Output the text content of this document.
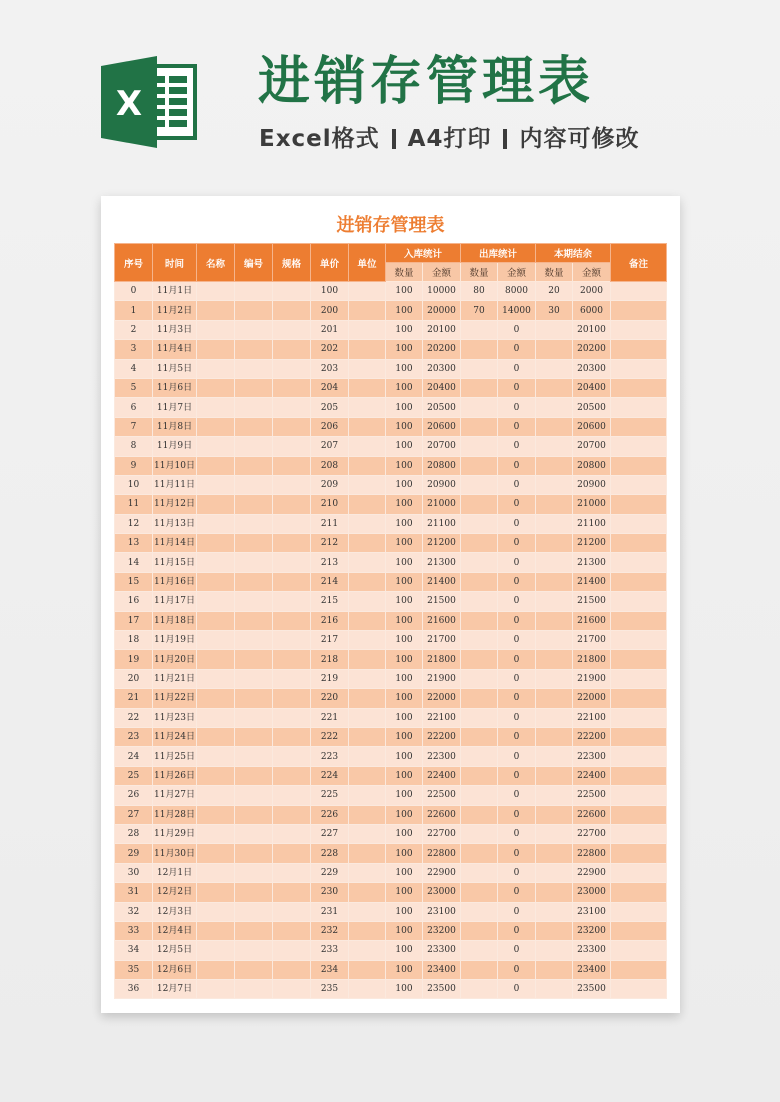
X 进销存管理表
Excel格式 A4打印 内容可修改
进销存管理表
序号	时间	名称	编号	规格	单价	单位	入库统计		出库统计		本期结余		备注
							数量	金额	数量	金额	数量	金额	
0	11月1日				100		100	10000	80	8000	20	2000	
1	11月2日				200		100	20000	70	14000	30	6000	
2	11月3日				201		100	20100		0		20100	
3	11月4日				202		100	20200		0		20200	
4	11月5日				203		100	20300		0		20300	
5	11月6日				204		100	20400		0		20400	
6	11月7日				205		100	20500		0		20500	
7	11月8日				206		100	20600		0		20600	
8	11月9日				207		100	20700		0		20700	
9	11月10日				208		100	20800		0		20800	
10	11月11日				209		100	20900		0		20900	
11	11月12日				210		100	21000		0		21000	
12	11月13日				211		100	21100		0		21100	
13	11月14日				212		100	21200		0		21200	
14	11月15日				213		100	21300		0		21300	
15	11月16日				214		100	21400		0		21400	
16	11月17日				215		100	21500		0		21500	
17	11月18日				216		100	21600		0		21600	
18	11月19日				217		100	21700		0		21700	
19	11月20日				218		100	21800		0		21800	
20	11月21日				219		100	21900		0		21900	
21	11月22日				220		100	22000		0		22000	
22	11月23日				221		100	22100		0		22100	
23	11月24日				222		100	22200		0		22200	
24	11月25日				223		100	22300		0		22300	
25	11月26日				224		100	22400		0		22400	
26	11月27日				225		100	22500		0		22500	
27	11月28日				226		100	22600		0		22600	
28	11月29日				227		100	22700		0		22700	
29	11月30日				228		100	22800		0		22800	
30	12月1日				229		100	22900		0		22900	
31	12月2日				230		100	23000		0		23000	
32	12月3日				231		100	23100		0		23100	
33	12月4日				232		100	23200		0		23200	
34	12月5日				233		100	23300		0		23300	
35	12月6日				234		100	23400		0		23400	
36	12月7日				235		100	23500		0		23500	
